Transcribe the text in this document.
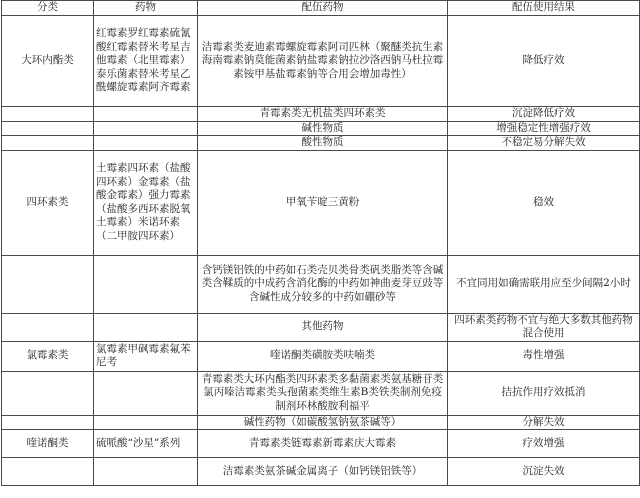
分类	药物	配伍药物	配伍使用结果
大环内酯类	红霉素罗红霉素硫氰酸红霉素替米考星吉他霉素（北里霉素）泰乐菌素替米考星乙酰螺旋霉素阿齐霉素	洁霉素类麦迪素霉螺旋霉素阿司匹林（聚醚类抗生素海南霉素钠莫能菌素钠盐霉素钠拉沙洛西钠马杜拉霉素铵甲基盐霉素钠等合用会增加毒性）	降低疗效
		青霉素类无机盐类四环素类	沉淀降低疗效
		碱性物质	增强稳定性增强疗效
		酸性物质	不稳定易分解失效
四环素类	土霉素四环素（盐酸四环素）金霉素（盐酸金霉素）强力霉素（盐酸多西环素脱氧土霉素）米诺环素（二甲胺四环素）	甲氧苄啶三黄粉	稳效
		含钙镁铝铁的中药如石类壳贝类骨类矾类脂类等含碱类含鞣质的中成药含消化酶的中药如神曲麦芽豆豉等含碱性成分较多的中药如硼砂等	不宜同用如确需联用应至少间隔2小时
		其他药物	四环素类药物不宜与绝大多数其他药物混合使用
氯霉素类	氯霉素甲砜霉素氟苯尼考	喹诺酮类磺胺类呋喃类	毒性增强
		青霉素类大环内酯类四环素类多黏菌素类氨基糖苷类氯丙嗪洁霉素类头孢菌素类维生素B类铁类制剂免疫制剂环林酸胺利福平	拮抗作用疗效抵消
		碱性药物（如碳酸氢钠氨茶碱等）	分解失效
喹诺酮类	硫哌酸“沙星”系列	青霉素类链霉素新霉素庆大霉素	疗效增强
		洁霉素类氨茶碱金属离子（如钙镁铝铁等）	沉淀失效
